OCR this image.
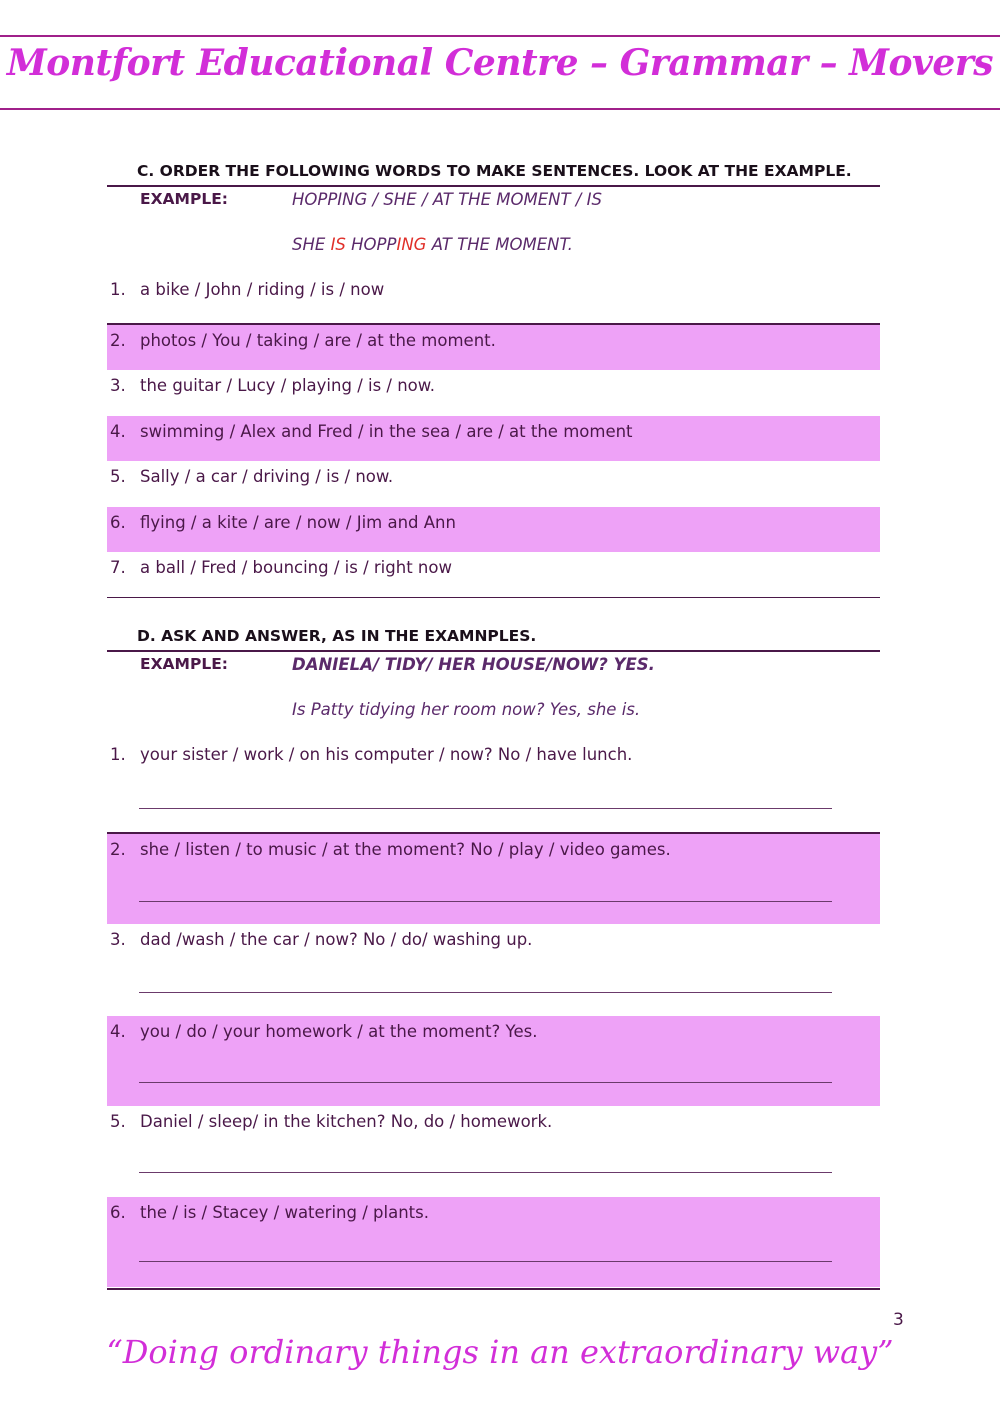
Montfort Educational Centre – Grammar – Movers
C. ORDER THE FOLLOWING WORDS TO MAKE SENTENCES. LOOK AT THE EXAMPLE.
EXAMPLE:	HOPPING / SHE / AT THE MOMENT / IS
SHE IS HOPPING AT THE MOMENT.
1. a bike / John / riding / is / now
2. photos / You / taking / are / at the moment.
3. the guitar / Lucy / playing / is / now.
4. swimming / Alex and Fred / in the sea / are / at the moment
5. Sally / a car / driving / is / now.
6. flying / a kite / are / now / Jim and Ann
7. a ball / Fred / bouncing / is / right now
D. ASK AND ANSWER, AS IN THE EXAMNPLES.
EXAMPLE:	DANIELA/ TIDY/ HER HOUSE/NOW? YES.
Is Patty tidying her room now? Yes, she is.
1. your sister / work / on his computer / now? No / have lunch.
2. she / listen / to music / at the moment? No / play / video games.
3. dad /wash / the car / now? No / do/ washing up.
4. you / do / your homework / at the moment? Yes.
5. Daniel / sleep/ in the kitchen? No, do / homework.
6. the / is / Stacey / watering / plants.
3
“Doing ordinary things in an extraordinary way”
